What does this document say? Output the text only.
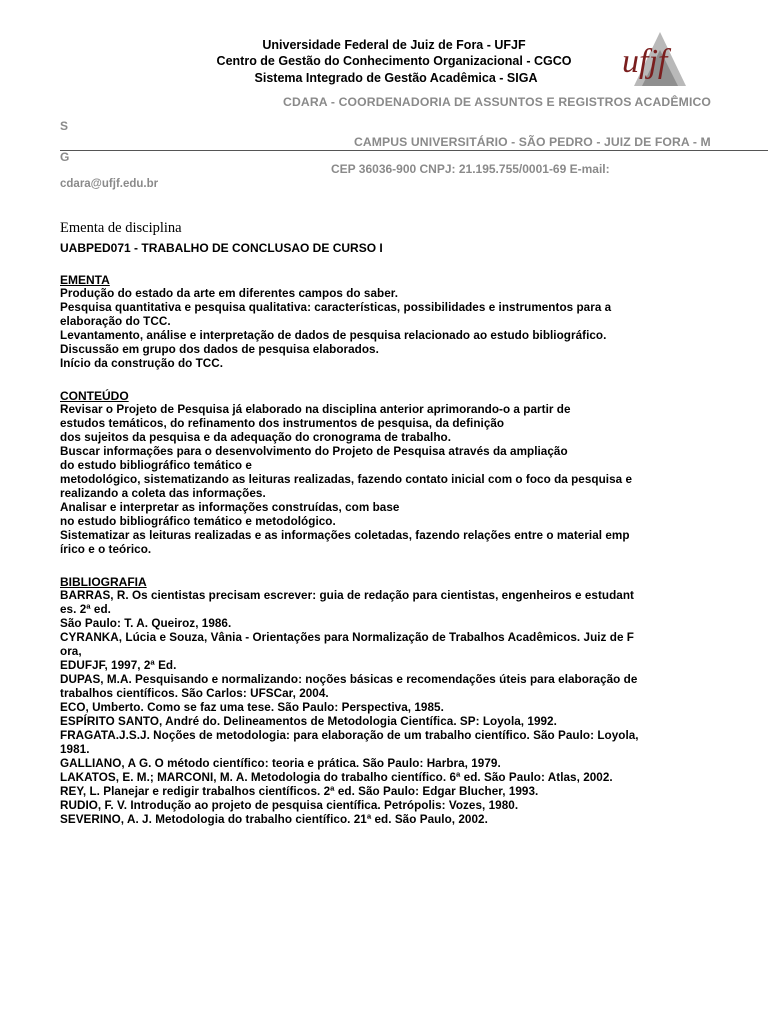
Universidade Federal de Juiz de Fora - UFJF
Centro de Gestão do Conhecimento Organizacional - CGCO
Sistema Integrado de Gestão Acadêmica - SIGA	ufjf
CDARA - COORDENADORIA DE ASSUNTOS E REGISTROS ACADÊMICO
S
CAMPUS UNIVERSITÁRIO - SÃO PEDRO - JUIZ DE FORA - M
G
CEP 36036-900 CNPJ: 21.195.755/0001-69 E-mail:
cdara@ufjf.edu.br
Ementa de disciplina
UABPED071 - TRABALHO DE CONCLUSAO DE CURSO I
EMENTA
Produção do estado da arte em diferentes campos do saber.
Pesquisa quantitativa e pesquisa qualitativa: características, possibilidades e instrumentos para a
elaboração do TCC.
Levantamento, análise e interpretação de dados de pesquisa relacionado ao estudo bibliográfico.
Discussão em grupo dos dados de pesquisa elaborados.
Início da construção do TCC.
CONTEÚDO
Revisar o Projeto de Pesquisa já elaborado na disciplina anterior aprimorando-o a partir de
estudos temáticos, do refinamento dos instrumentos de pesquisa, da definição
dos sujeitos da pesquisa e da adequação do cronograma de trabalho.
Buscar informações para o desenvolvimento do Projeto de Pesquisa através da ampliação
do estudo bibliográfico temático e
metodológico, sistematizando as leituras realizadas, fazendo contato inicial com o foco da pesquisa e
realizando a coleta das informações.
Analisar e interpretar as informações construídas, com base
no estudo bibliográfico temático e metodológico.
Sistematizar as leituras realizadas e as informações coletadas, fazendo relações entre o material emp
írico e o teórico.
BIBLIOGRAFIA
BARRAS, R. Os cientistas precisam escrever: guia de redação para cientistas, engenheiros e estudant
es. 2ª ed.
São Paulo: T. A. Queiroz, 1986.
CYRANKA, Lúcia e Souza, Vânia - Orientações para Normalização de Trabalhos Acadêmicos. Juiz de F
ora,
EDUFJF, 1997, 2ª Ed.
DUPAS, M.A. Pesquisando e normalizando: noções básicas e recomendações úteis para elaboração de
trabalhos científicos. São Carlos: UFSCar, 2004.
ECO, Umberto. Como se faz uma tese. São Paulo: Perspectiva, 1985.
ESPÍRITO SANTO, André do. Delineamentos de Metodologia Científica. SP: Loyola, 1992.
FRAGATA.J.S.J. Noções de metodologia: para elaboração de um trabalho científico. São Paulo: Loyola,
1981.
GALLIANO, A G. O método científico: teoria e prática. São Paulo: Harbra, 1979.
LAKATOS, E. M.; MARCONI, M. A. Metodologia do trabalho científico. 6ª ed. São Paulo: Atlas, 2002.
REY, L. Planejar e redigir trabalhos científicos. 2ª ed. São Paulo: Edgar Blucher, 1993.
RUDIO, F. V. Introdução ao projeto de pesquisa científica. Petrópolis: Vozes, 1980.
SEVERINO, A. J. Metodologia do trabalho científico. 21ª ed. São Paulo, 2002.
